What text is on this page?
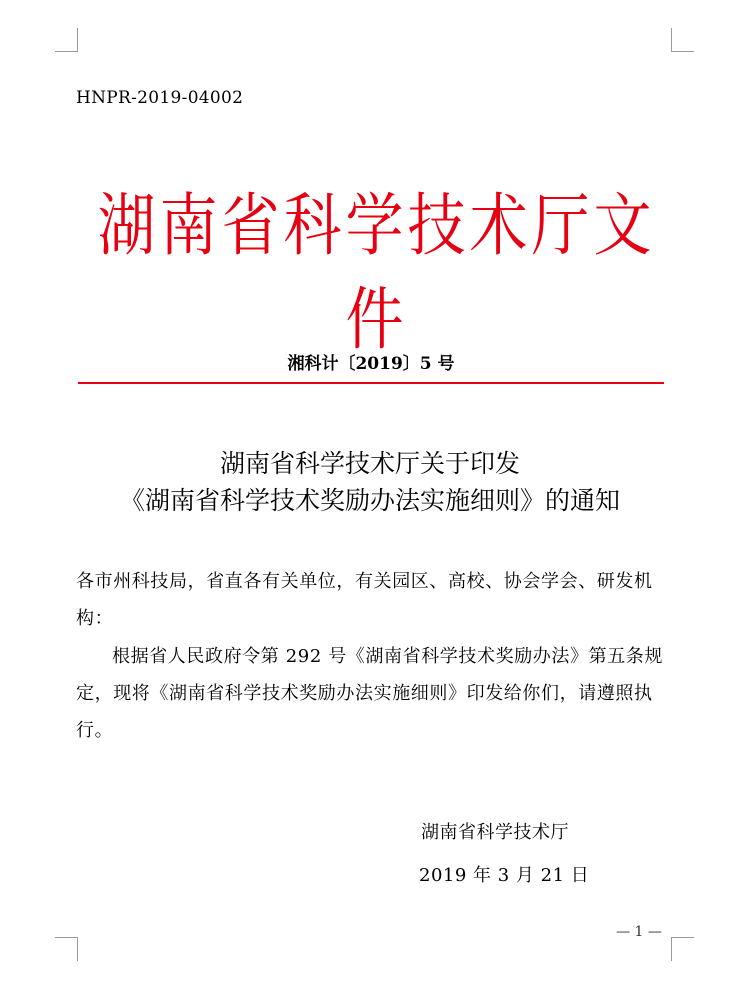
HNPR-2019-04002
湖南省科学技术厅文件
湘科计〔2019〕5 号
湖南省科学技术厅关于印发
《湖南省科学技术奖励办法实施细则》的通知
各市州科技局，省直各有关单位，有关园区、高校、协会学会、研发机构：
根据省人民政府令第 292 号《湖南省科学技术奖励办法》第五条规定，现将《湖南省科学技术奖励办法实施细则》印发给你们，请遵照执行。
湖南省科学技术厅
2019 年 3 月 21 日
— 1 —
